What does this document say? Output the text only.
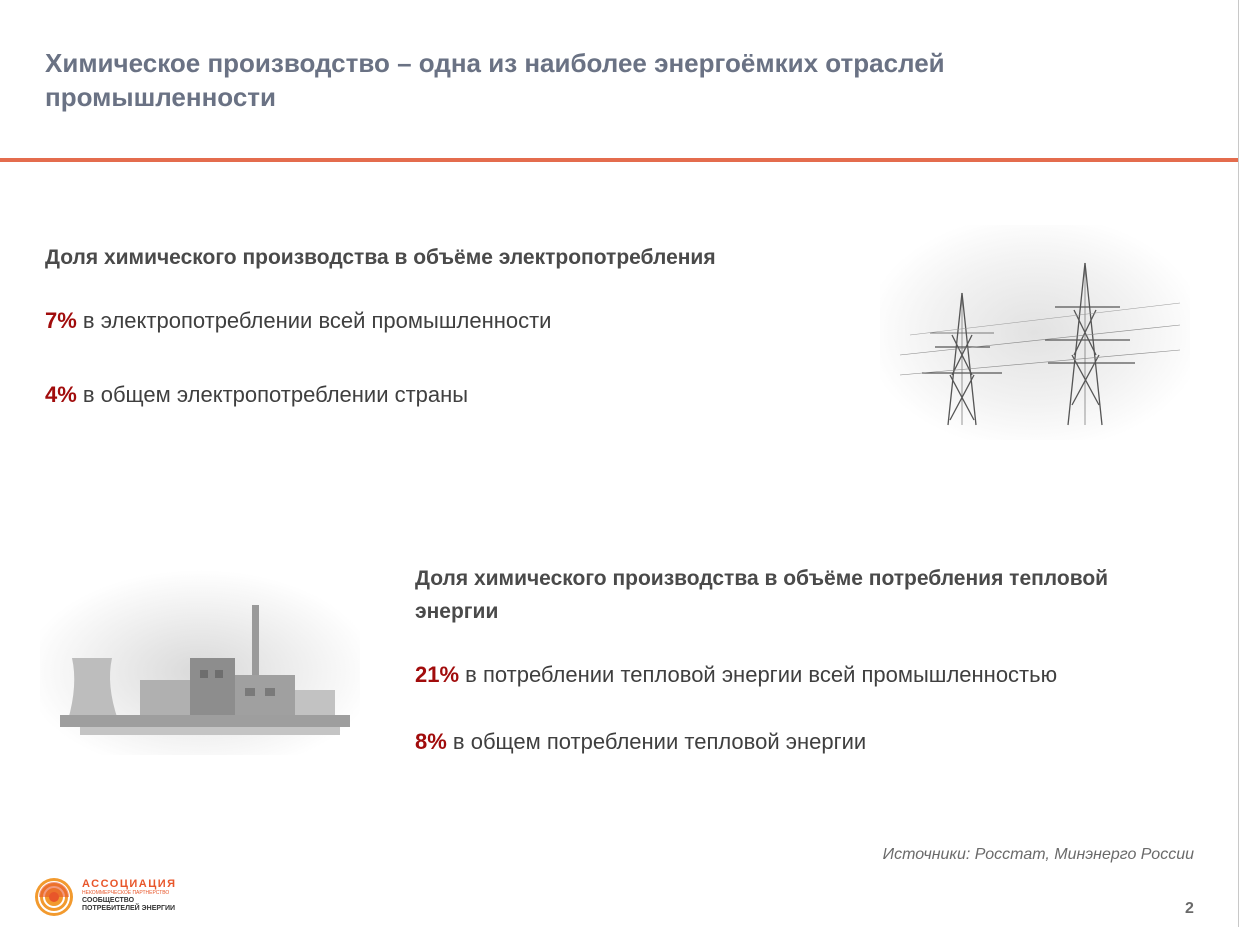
Химическое производство – одна из наиболее энергоёмких отраслей промышленности
Доля химического производства в объёме электропотребления
7% в электропотреблении всей промышленности
4% в общем электропотреблении страны
Доля химического производства в объёме потребления тепловой энергии
21% в потреблении тепловой энергии всей промышленностью
8% в общем потреблении тепловой энергии
Источники: Росстат, Минэнерго России
АССОЦИАЦИЯ
НЕКОММЕРЧЕСКОЕ ПАРТНЕРСТВО
СООБЩЕСТВО
ПОТРЕБИТЕЛЕЙ ЭНЕРГИИ	2
